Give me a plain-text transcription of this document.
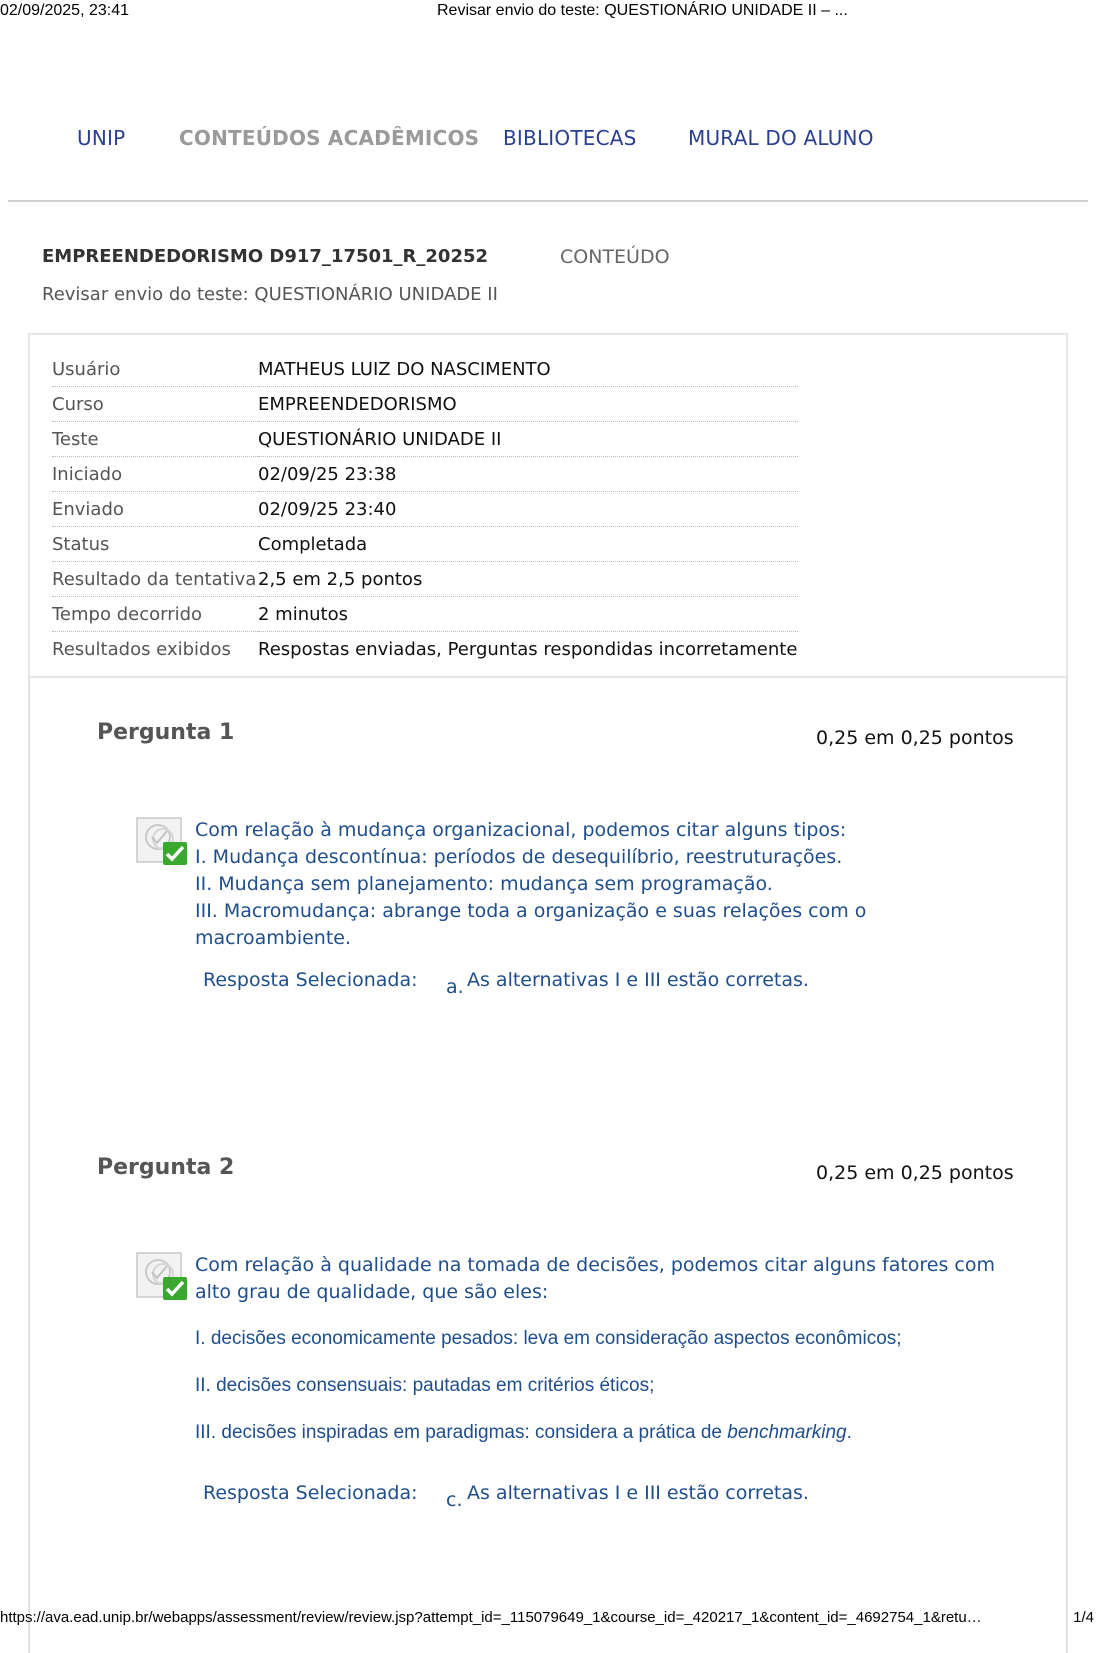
02/09/2025, 23:41	Revisar envio do teste: QUESTIONÁRIO UNIDADE II – ...
UNIP	CONTEÚDOS ACADÊMICOS BIBLIOTECAS	MURAL DO ALUNO
EMPREENDEDORISMO D917_17501_R_20252	CONTEÚDO
Revisar envio do teste: QUESTIONÁRIO UNIDADE II
Usuário	MATHEUS LUIZ DO NASCIMENTO
Curso	EMPREENDEDORISMO
Teste	QUESTIONÁRIO UNIDADE II
Iniciado	02/09/25 23:38
Enviado	02/09/25 23:40
Status	Completada
Resultado da tentativa	2,5 em 2,5 pontos
Tempo decorrido	2 minutos
Resultados exibidos	Respostas enviadas, Perguntas respondidas incorretamente
Pergunta 1	0,25 em 0,25 pontos

Com relação à mudança organizacional, podemos citar alguns tipos:

I. Mudança descontínua: períodos de desequilíbrio, reestruturações.

II. Mudança sem planejamento: mudança sem programação.

III. Macromudança: abrange toda a organização e suas relações com o macroambiente.

Resposta Selecionada: a. As alternativas I e III estão corretas.
Pergunta 2	0,25 em 0,25 pontos

Com relação à qualidade na tomada de decisões, podemos citar alguns fatores com alto grau de qualidade, que são eles:

I. decisões economicamente pesados: leva em consideração aspectos econômicos;

II. decisões consensuais: pautadas em critérios éticos;

III. decisões inspiradas em paradigmas: considera a prática de benchmarking.

Resposta Selecionada: c. As alternativas I e III estão corretas.
https://ava.ead.unip.br/webapps/assessment/review/review.jsp?attempt_id=_115079649_1&course_id=_420217_1&content_id=_4692754_1&retu…	1/4
